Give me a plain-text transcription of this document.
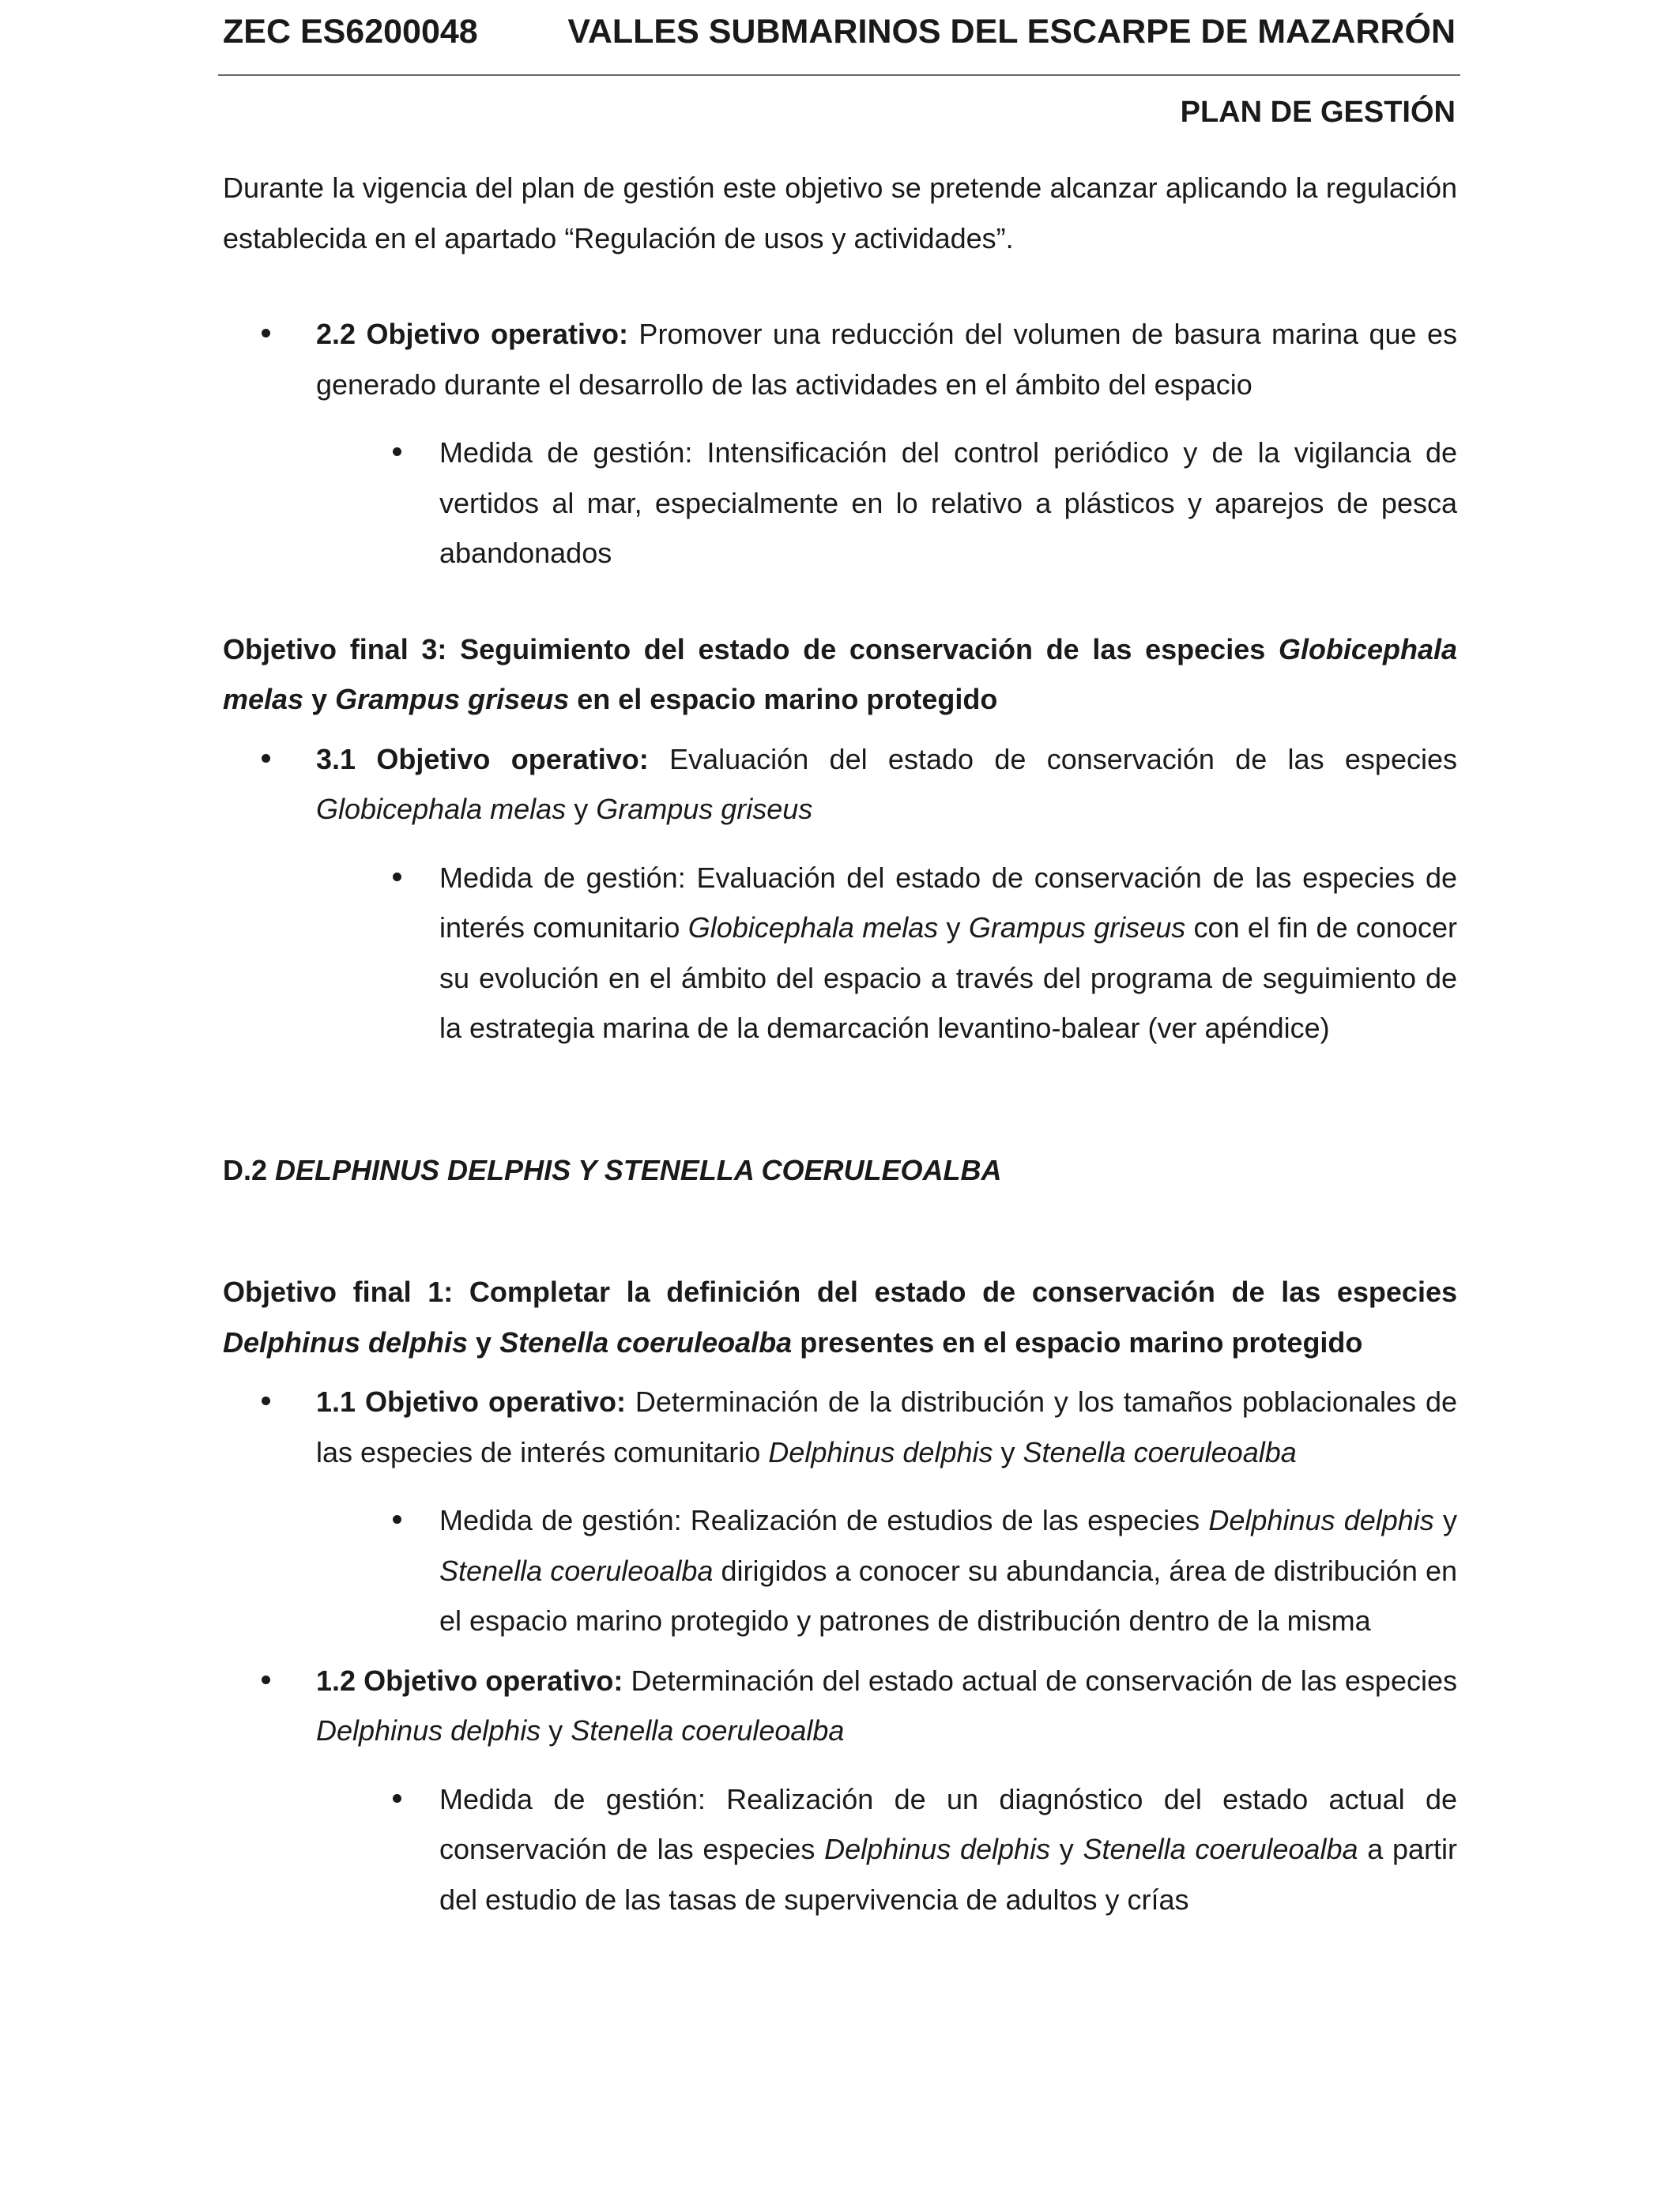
ZEC ES6200048	VALLES SUBMARINOS DEL ESCARPE DE MAZARRÓN
PLAN DE GESTIÓN

Durante la vigencia del plan de gestión este objetivo se pretende alcanzar aplicando la regulación establecida en el apartado “Regulación de usos y actividades”.

2.2 Objetivo operativo: Promover una reducción del volumen de basura marina que es generado durante el desarrollo de las actividades en el ámbito del espacio

Medida de gestión: Intensificación del control periódico y de la vigilancia de vertidos al mar, especialmente en lo relativo a plásticos y aparejos de pesca abandonados

Objetivo final 3: Seguimiento del estado de conservación de las especies Globicephala melas y Grampus griseus en el espacio marino protegido

3.1 Objetivo operativo: Evaluación del estado de conservación de las especies Globicephala melas y Grampus griseus

Medida de gestión: Evaluación del estado de conservación de las especies de interés comunitario Globicephala melas y Grampus griseus con el fin de conocer su evolución en el ámbito del espacio a través del programa de seguimiento de la estrategia marina de la demarcación levantino-balear (ver apéndice)

D.2 DELPHINUS DELPHIS Y STENELLA COERULEOALBA

Objetivo final 1: Completar la definición del estado de conservación de las especies Delphinus delphis y Stenella coeruleoalba presentes en el espacio marino protegido

1.1 Objetivo operativo: Determinación de la distribución y los tamaños poblacionales de las especies de interés comunitario Delphinus delphis y Stenella coeruleoalba

Medida de gestión: Realización de estudios de las especies Delphinus delphis y Stenella coeruleoalba dirigidos a conocer su abundancia, área de distribución en el espacio marino protegido y patrones de distribución dentro de la misma

1.2 Objetivo operativo: Determinación del estado actual de conservación de las especies Delphinus delphis y Stenella coeruleoalba

Medida de gestión: Realización de un diagnóstico del estado actual de conservación de las especies Delphinus delphis y Stenella coeruleoalba a partir del estudio de las tasas de supervivencia de adultos y crías
